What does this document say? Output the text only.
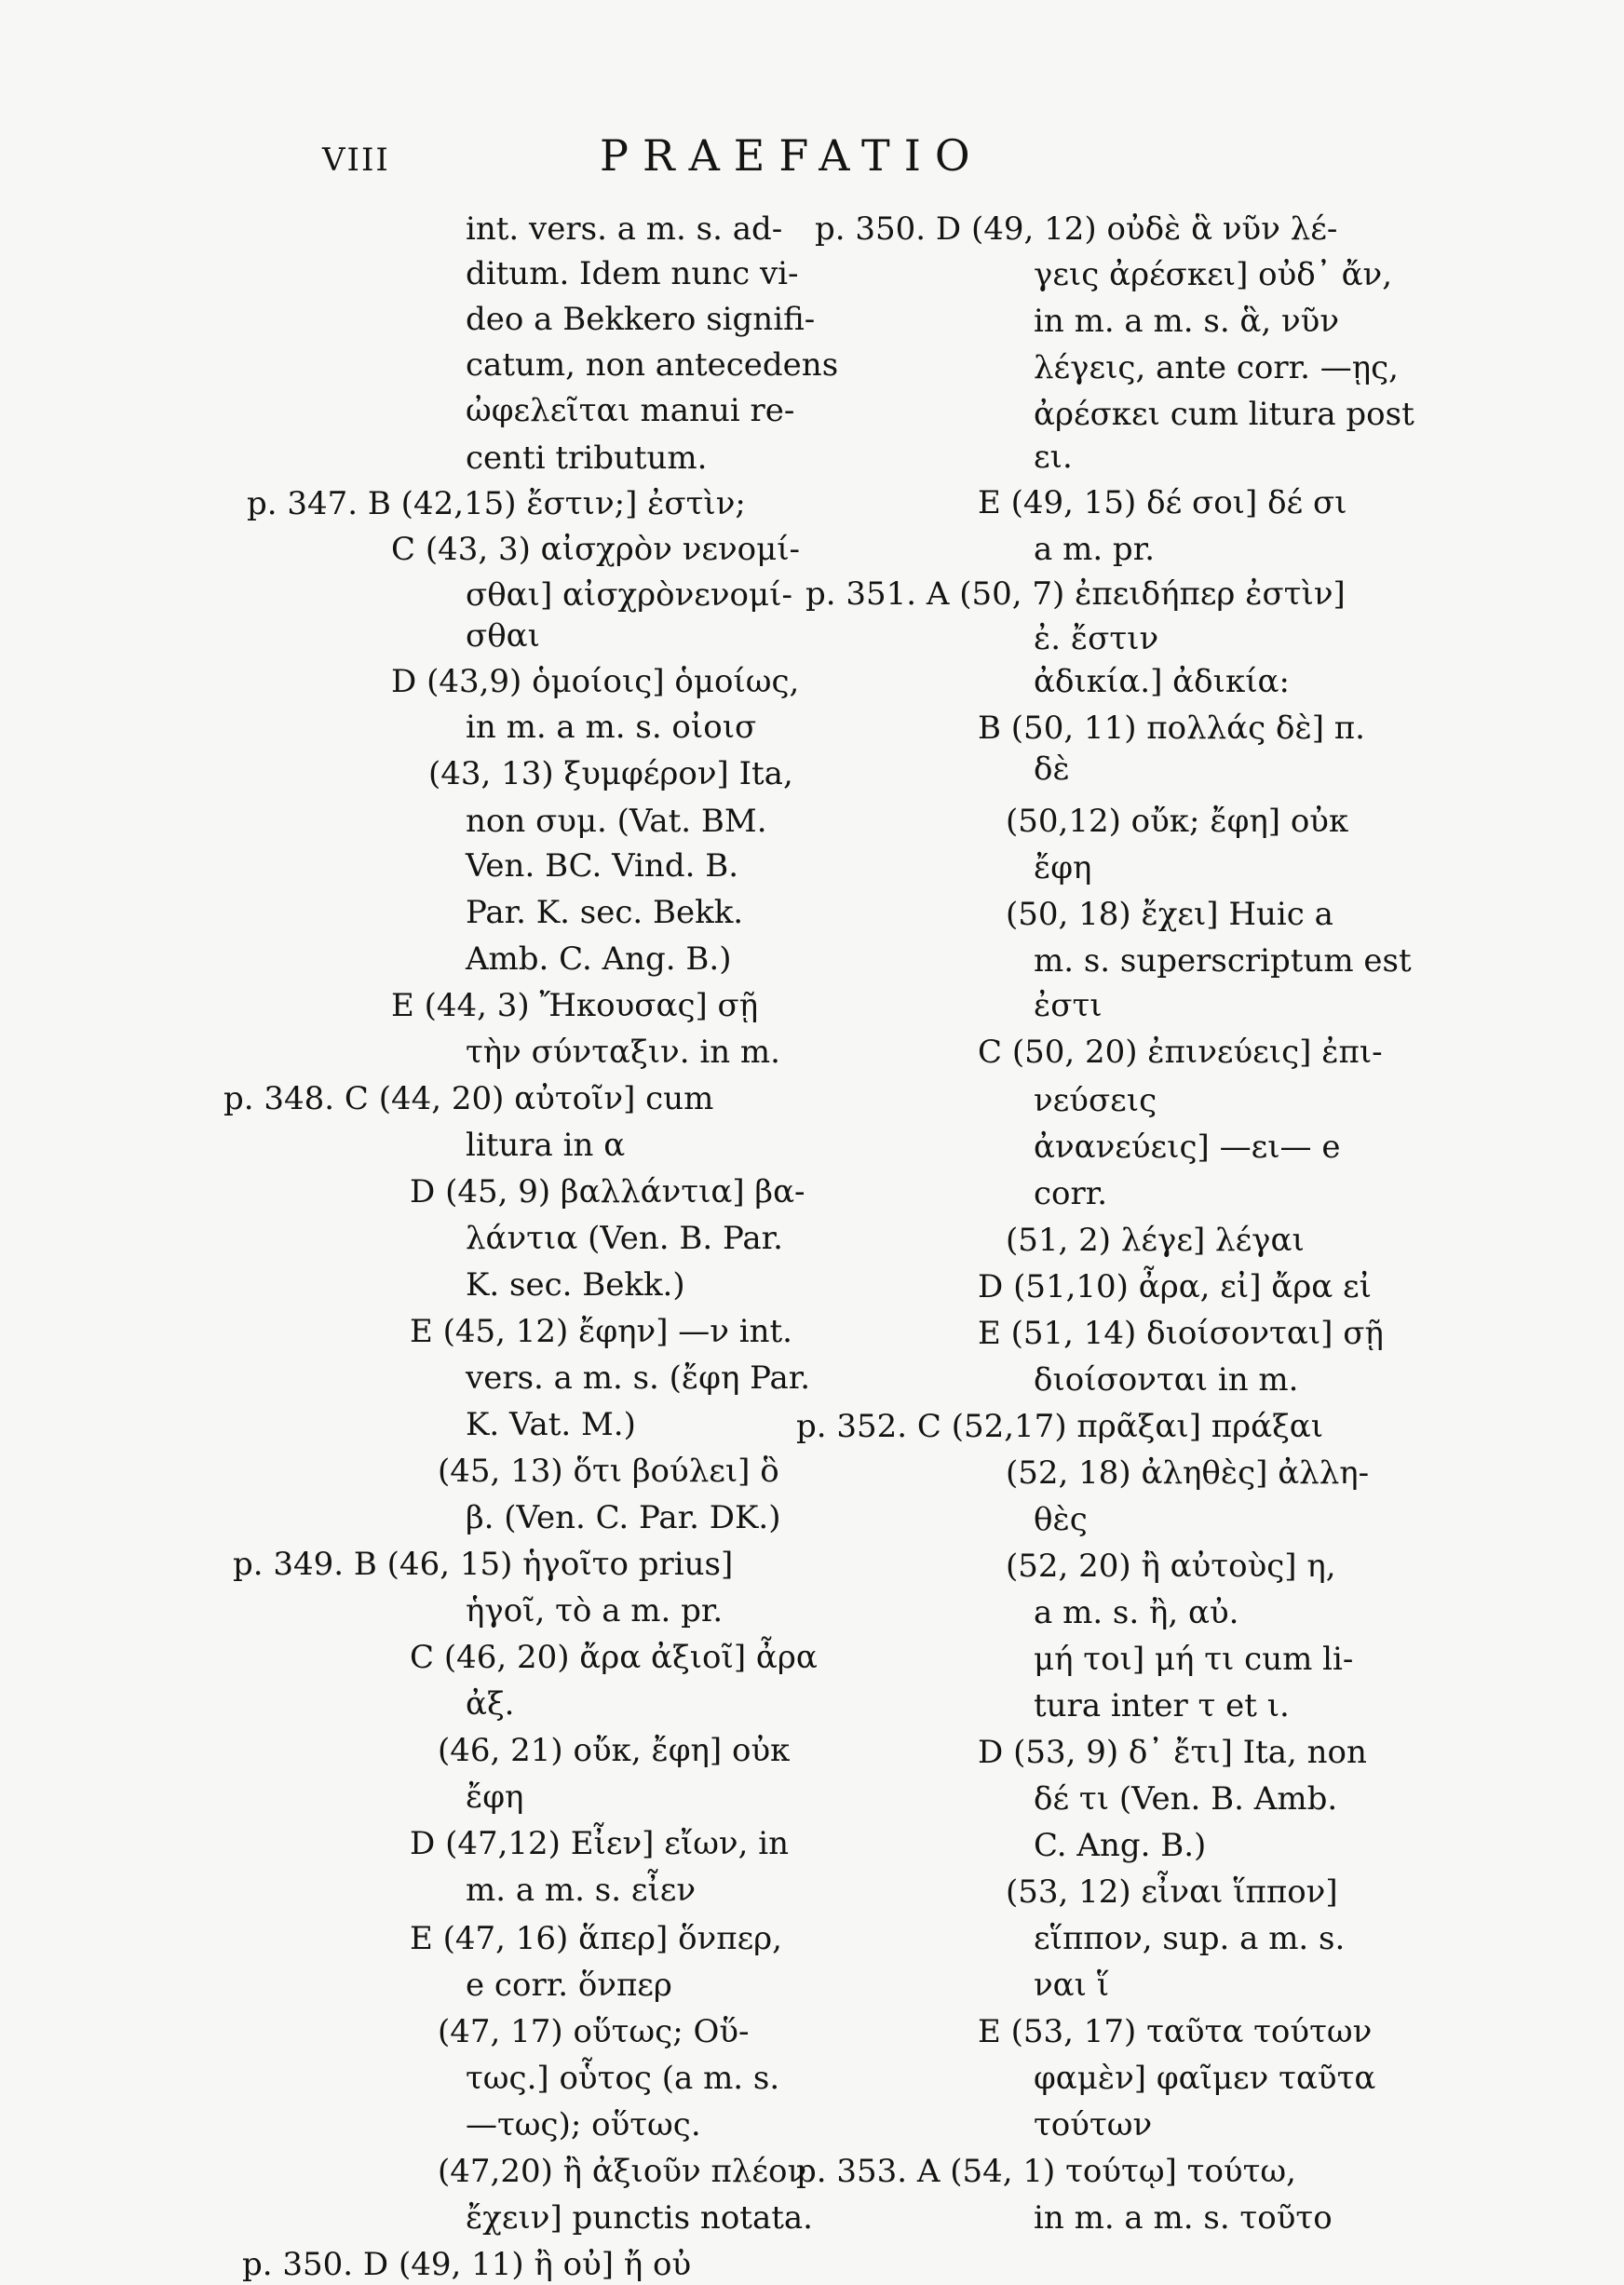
VIII	PRAEFATIO
int. vers. a m. s. ad-
ditum. Idem nunc vi-
deo a Bekkero signifi-
catum, non antecedens
ὠφελεῖται manui re-
centi tributum.
p. 347. B (42,15) ἔστιν;] ἐστὶν;
C (43, 3) αἰσχρὸν νενομί-
σθαι] αἰσχρὸνενομί-
σθαι
D (43,9) ὁμοίοις] ὁμοίως,
in m. a m. s. οἰοισ
(43, 13) ξυμφέρον] Ita,
non συμ. (Vat. BM.
Ven. BC. Vind. B.
Par. K. sec. Bekk.
Amb. C. Ang. B.)
E (44, 3) Ἤκουσας] σῇ
τὴν σύνταξιν. in m.
p. 348. C (44, 20) αὐτοῖν] cum
litura in α
D (45, 9) βαλλάντια] βα-
λάντια (Ven. B. Par.
K. sec. Bekk.)
E (45, 12) ἔφην] —ν int.
vers. a m. s. (ἔφη Par.
K. Vat. M.)
(45, 13) ὅτι βούλει] ὃ
β. (Ven. C. Par. DK.)
p. 349. B (46, 15) ἡγοῖτο prius]
ἡγοῖ, τὸ a m. pr.
C (46, 20) ἄρα ἀξιοῖ] ἆρα
ἀξ.
(46, 21) οὔκ, ἔφη] οὐκ
ἔφη
D (47,12) Εἶεν] εἴων, in
m. a m. s. εἶεν
E (47, 16) ἅπερ] ὅνπερ,
e corr. ὅνπερ
(47, 17) οὕτως; Οὕ-
τως.] οὗτος (a m. s.
—τως); οὕτως.
(47,20) ἢ ἀξιοῦν πλέον
ἔχειν] punctis notata.
p. 350. D (49, 11) ἢ οὐ] ἤ οὐ
p. 350. D (49, 12) οὐδὲ ἃ νῦν λέ-
γεις ἀρέσκει] οὐδ᾽ ἄν,
in m. a m. s. ἃ, νῦν
λέγεις, ante corr. —ῃς,
ἀρέσκει cum litura post
ει.
E (49, 15) δέ σοι] δέ σι
a m. pr.
p. 351. A (50, 7) ἐπειδήπερ ἐστὶν]
ἐ. ἔστιν
ἀδικία.] ἀδικία:
B (50, 11) πολλάς δὲ] π.
δὲ
(50,12) οὔκ; ἔφη] οὐκ
ἔφη
(50, 18) ἔχει] Huic a
m. s. superscriptum est
ἐστι
C (50, 20) ἐπινεύεις] ἐπι-
νεύσεις
ἀνανεύεις] —ει— e
corr.
(51, 2) λέγε] λέγαι
D (51,10) ἆρα, εἰ] ἄρα εἰ
E (51, 14) διοίσονται] σῇ
διοίσονται in m.
p. 352. C (52,17) πρᾶξαι] πράξαι
(52, 18) ἀληθὲς] ἀλλη-
θὲς
(52, 20) ἢ αὐτοὺς] η,
a m. s. ἢ, αὐ.
μή τοι] μή τι cum li-
tura inter τ et ι.
D (53, 9) δ᾽ ἔτι] Ita, non
δέ τι (Ven. B. Amb.
C. Ang. B.)
(53, 12) εἶναι ἵππον]
εἵππον, sup. a m. s.
ναι ἵ
E (53, 17) ταῦτα τούτων
φαμὲν] φαῖμεν ταῦτα
τούτων
p. 353. A (54, 1) τούτῳ] τούτω,
in m. a m. s. τοῦτο
